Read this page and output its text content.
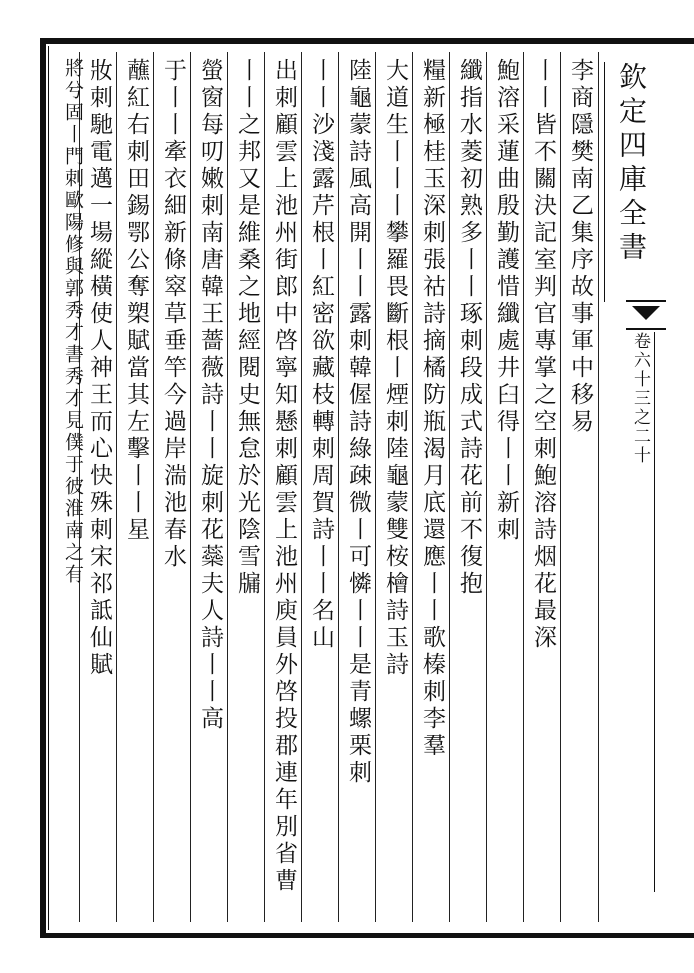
欽定四庫全書
卷六十三之二十
李商隱樊南乙集序故事軍中移易
丨丨皆不關決記室判官專掌之空刺鮑溶詩烟花最深
鮑溶采蓮曲殷勤護惜纖處井臼得丨丨新刺
纖指水菱初熟多丨丨琢刺段成式詩花前不復抱
糧新極桂玉深刺張祜詩摘橘防瓶渴月底還應丨丨歌榛刺李羣
大道生丨丨丨攀羅畏斷根丨煙刺陸龜蒙雙桉檜詩玉詩
陸龜蒙詩風高開丨丨露刺韓偓詩綠疎微丨可憐丨丨是青螺栗刺
丨丨沙淺露芹根丨紅密欲藏枝轉刺周賀詩丨丨名山
出刺顧雲上池州街郎中啓寧知懸刺顧雲上池州庾員外啓投郡連年別省曹
丨丨之邦又是維桑之地經閱史無怠於光陰雪牖
螢窗每叨嫩刺南唐韓王薔薇詩丨丨旋刺花蘂夫人詩丨丨高
于丨丨牽衣細新條窣草垂竿今過岸湍池春水
蘸紅右刺田錫鄂公奪槊賦當其左擊丨丨星
妝刺馳電邁一場縱橫使人神王而心快殊刺宋祁詆仙賦
將兮固丨門刺歐陽修與郭秀才書秀才見僕于彼淮南之有
